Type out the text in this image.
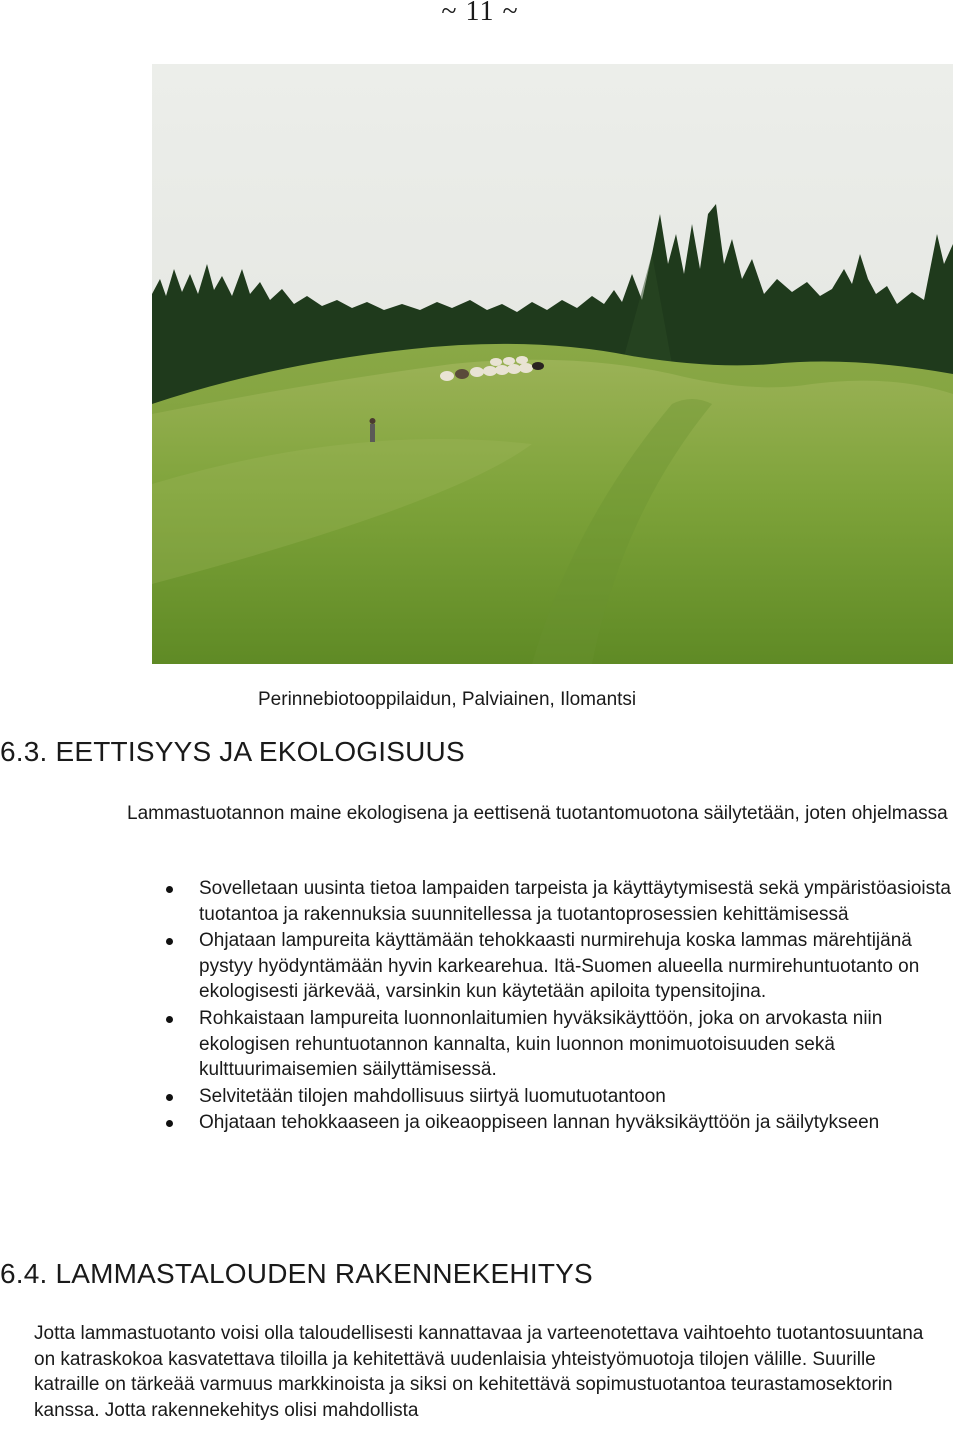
~ 11 ~
Perinnebiotooppilaidun, Palviainen, Ilomantsi
6.3. EETTISYYS JA EKOLOGISUUS

Lammastuotannon maine ekologisena ja eettisenä tuotantomuotona säilytetään, joten ohjelmassa

Sovelletaan uusinta tietoa lampaiden tarpeista ja käyttäytymisestä sekä ympäristöasioista tuotantoa ja rakennuksia suunnitellessa ja tuotantoprosessien kehittämisessä
Ohjataan lampureita käyttämään tehokkaasti nurmirehuja koska lammas märehtijänä pystyy hyödyntämään hyvin karkearehua. Itä-Suomen alueella nurmirehuntuotanto on ekologisesti järkevää, varsinkin kun käytetään apiloita typensitojina.
Rohkaistaan lampureita luonnonlaitumien hyväksikäyttöön, joka on arvokasta niin ekologisen rehuntuotannon kannalta, kuin luonnon monimuotoisuuden sekä kulttuurimaisemien säilyttämisessä.
Selvitetään tilojen mahdollisuus siirtyä luomutuotantoon
Ohjataan tehokkaaseen ja oikeaoppiseen lannan hyväksikäyttöön ja säilytykseen
6.4. LAMMASTALOUDEN RAKENNEKEHITYS

Jotta lammastuotanto voisi olla taloudellisesti kannattavaa ja varteenotettava vaihtoehto tuotantosuuntana on katraskokoa kasvatettava tiloilla ja kehitettävä uudenlaisia yhteistyömuotoja tilojen välille. Suurille katraille on tärkeää varmuus markkinoista ja siksi on kehitettävä sopimustuotantoa teurastamosektorin kanssa. Jotta rakennekehitys olisi mahdollista
